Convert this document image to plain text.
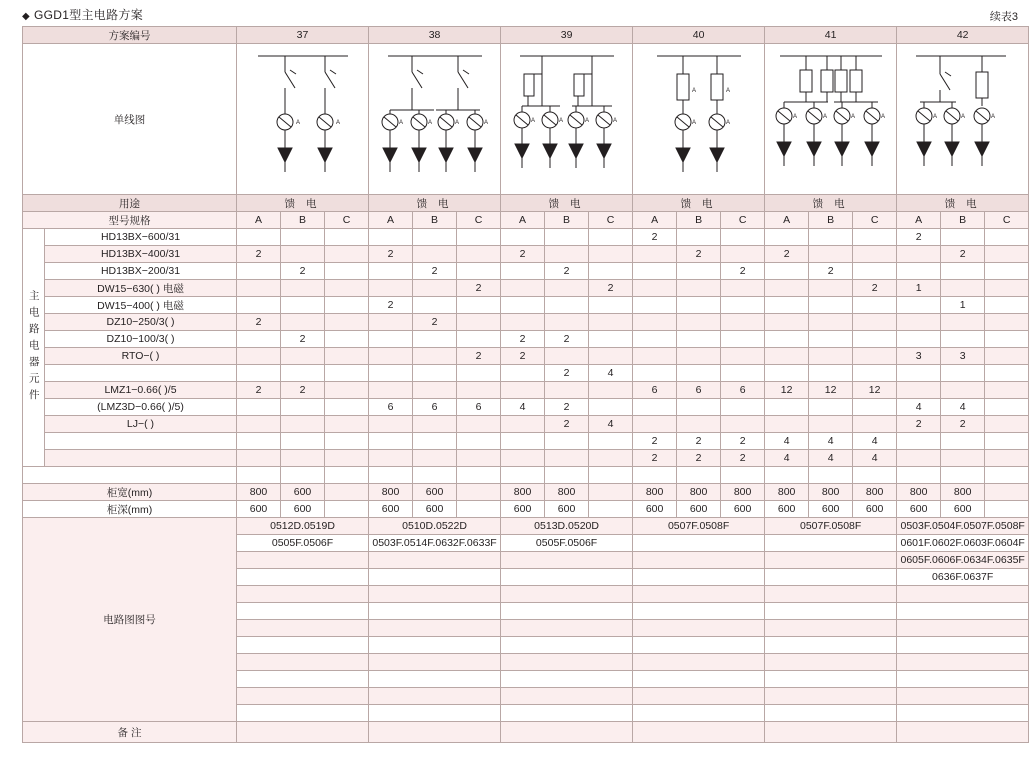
◆ GGD1型主电路方案	续表3
方案编号		37			38			39			40			41			42		
单线图		A A			A A A A			A A A A			A A
A A			A A A A			A A A		

用途		馈 电			馈 电			馈 电			馈 电			馈 电			馈 电		
型号规格		A	B	C	A	B	C	A	B	C	A	B	C	A	B	C	A	B	C
主电路电器元件	HD13BX−600/31										2						2		
	HD13BX−400/31	2			2			2				2		2				2	
	HD13BX−200/31		2			2			2				2		2				
	DW15−630( ) 电磁						2			2						2	1		
	DW15−400( ) 电磁				2													1	
	DZ10−250/3( )	2				2													
	DZ10−100/3( )		2					2	2										
	RTO−( )						2	2									3	3	
									2	4									
	LMZ1−0.66( )/5	2	2								6	6	6	12	12	12			
	(LMZ3D−0.66( )/5)				6	6	6	4	2								4	4	
	LJ−( )								2	4							2	2	
											2	2	2	4	4	4			
											2	2	2	4	4	4			

柜宽(mm)		800	600		800	600		800	800		800	800	800	800	800	800	800	800	
柜深(mm)		600	600		600	600		600	600		600	600	600	600	600	600	600	600	
电路图图号		0512D.0519D			0510D.0522D			0513D.0520D			0507F.0508F			0507F.0508F			0503F.0504F.0507F.0508F		
		0505F.0506F			0503F.0514F.0632F.0633F			0505F.0506F									0601F.0602F.0603F.0604F		
																	0605F.0606F.0634F.0635F		
																	0636F.0637F		

备 注																			
